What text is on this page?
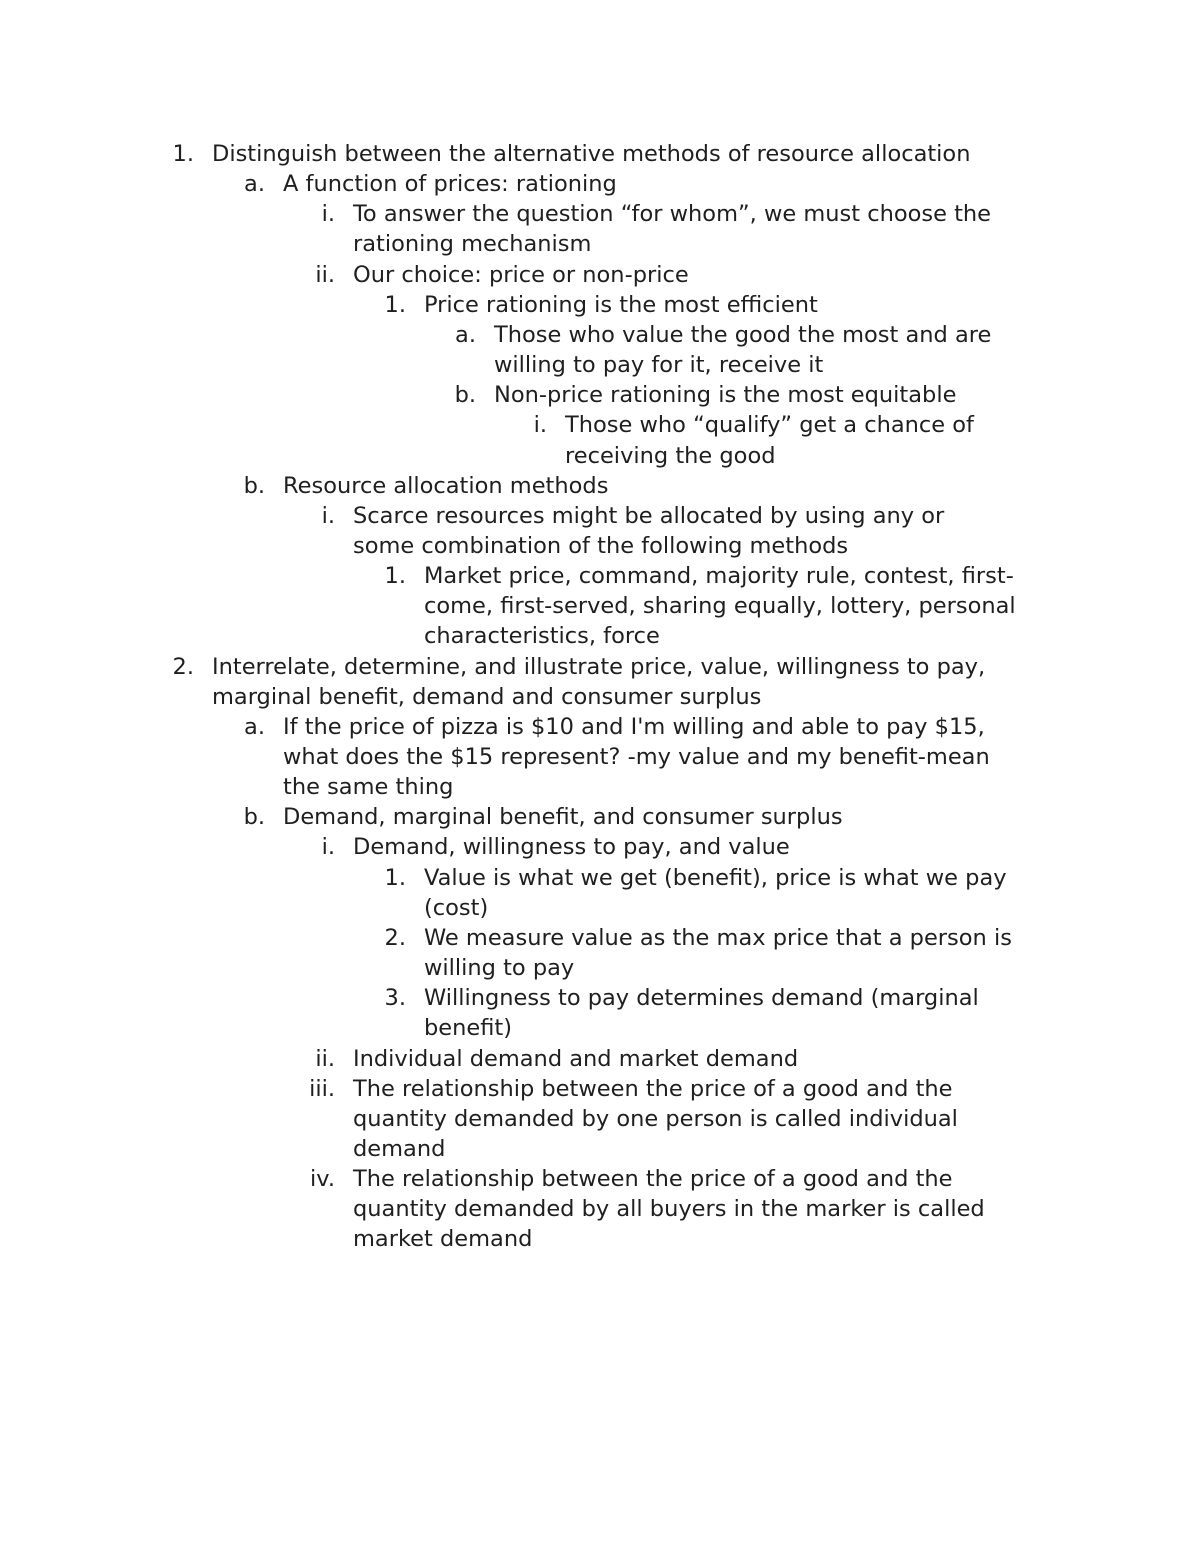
1. Distinguish between the alternative methods of resource allocation
a. A function of prices: rationing
i. To answer the question “for whom”, we must choose the
rationing mechanism
ii. Our choice: price or non-price
1. Price rationing is the most efficient
a. Those who value the good the most and are
willing to pay for it, receive it
b. Non-price rationing is the most equitable
i. Those who “qualify” get a chance of
receiving the good
b. Resource allocation methods
i. Scarce resources might be allocated by using any or
some combination of the following methods
1. Market price, command, majority rule, contest, first-
come, first-served, sharing equally, lottery, personal
characteristics, force
2. Interrelate, determine, and illustrate price, value, willingness to pay,
marginal benefit, demand and consumer surplus
a. If the price of pizza is $10 and I'm willing and able to pay $15,
what does the $15 represent? -my value and my benefit-mean
the same thing
b. Demand, marginal benefit, and consumer surplus
i. Demand, willingness to pay, and value
1. Value is what we get (benefit), price is what we pay
(cost)
2. We measure value as the max price that a person is
willing to pay
3. Willingness to pay determines demand (marginal
benefit)
ii. Individual demand and market demand
iii. The relationship between the price of a good and the
quantity demanded by one person is called individual
demand
iv. The relationship between the price of a good and the
quantity demanded by all buyers in the marker is called
market demand
